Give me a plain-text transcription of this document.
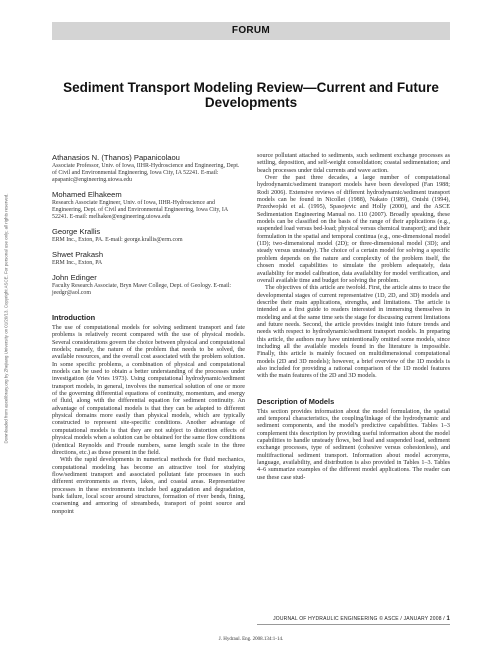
Downloaded from ascelibrary.org by Zhejiang University on 01/20/13. Copyright ASCE. For personal use only; all rights reserved.
FORUM
Sediment Transport Modeling Review—Current and Future Developments
Athanasios N. (Thanos) Papanicolaou
Associate Professor, Univ. of Iowa, IIHR-Hydroscience and Engineering, Dept. of Civil and Environmental Engineering, Iowa City, IA 52241. E-mail: apapanic@engineering.uiowa.edu
Mohamed Elhakeem
Research Associate Engineer, Univ. of Iowa, IIHR-Hydroscience and Engineering, Dept. of Civil and Environmental Engineering, Iowa City, IA 52241. E-mail: melhakee@engineering.uiowa.edu
George Krallis
ERM Inc., Exton, PA. E-mail: george.krallis@erm.com
Shwet Prakash
ERM Inc., Exton, PA
John Edinger
Faculty Research Associate, Bryn Mawr College, Dept. of Geology. E-mail: jeedgr@aol.com
Introduction

The use of computational models for solving sediment transport and fate problems is relatively recent compared with the use of physical models. Several considerations govern the choice between physical and computational models; namely, the nature of the problem that needs to be solved, the available resources, and the overall cost associated with the problem solution. In some specific problems, a combination of physical and computational models can be used to obtain a better understanding of the processes under investigation (de Vries 1973). Using computational hydrodynamic/sediment transport models, in general, involves the numerical solution of one or more of the governing differential equations of continuity, momentum, and energy of fluid, along with the differential equation for sediment continuity. An advantage of computational models is that they can be adapted to different physical domains more easily than physical models, which are typically constructed to represent site-specific conditions. Another advantage of computational models is that they are not subject to distortion effects of physical models when a solution can be obtained for the same flow conditions (identical Reynolds and Froude numbers, same length scale in the three directions, etc.) as those present in the field.

With the rapid developments in numerical methods for fluid mechanics, computational modeling has become an attractive tool for studying flow/sediment transport and associated pollutant fate processes in such different environments as rivers, lakes, and coastal areas. Representative processes in these environments include bed aggradation and degradation, bank failure, local scour around structures, formation of river bends, fining, coarsening and armoring of streambeds, transport of point source and nonpoint

source pollutant attached to sediments, such sediment exchange processes as settling, deposition, and self-weight consolidation; coastal sedimentation; and beach processes under tidal currents and wave action.

Over the past three decades, a large number of computational hydrodynamic/sediment transport models have been developed (Fan 1988; Rodi 2006). Extensive reviews of different hydrodynamic/sediment transport models can be found in Nicollet (1988), Nakato (1989), Onishi (1994), Przedwojski et al. (1995), Spasojevic and Holly (2000), and the ASCE Sedimentation Engineering Manual no. 110 (2007). Broadly speaking, these models can be classified on the basis of the range of their applications (e.g., suspended load versus bed-load; physical versus chemical transport); and their formulation in the spatial and temporal continua (e.g., one-dimensional model (1D); two-dimensional model (2D); or three-dimensional model (3D); and steady versus unsteady). The choice of a certain model for solving a specific problem depends on the nature and complexity of the problem itself, the chosen model capabilities to simulate the problem adequately, data availability for model calibration, data availability for model verification, and overall available time and budget for solving the problem.

The objectives of this article are twofold. First, the article aims to trace the developmental stages of current representative (1D, 2D, and 3D) models and describe their main applications, strengths, and limitations. The article is intended as a first guide to readers interested in immersing themselves in modeling and at the same time sets the stage for discussing current limitations and future needs. Second, the article provides insight into future trends and needs with respect to hydrodynamic/sediment transport models. In preparing this article, the authors may have unintentionally omitted some models, since including all the available models found in the literature is impossible. Finally, this article is mainly focused on multidimensional computational models (2D and 3D models); however, a brief overview of the 1D models is also included for providing a rational comparison of the 1D model features with the main features of the 2D and 3D models.

Description of Models

This section provides information about the model formulation, the spatial and temporal characteristics, the coupling/linkage of the hydrodynamic and sediment components, and the model's predictive capabilities. Tables 1–3 complement this description by providing useful information about the model capabilities to handle unsteady flows, bed load and suspended load, sediment exchange processes, type of sediment (cohesive versus cohesionless), and multifractional sediment transport. Information about model acronyms, language, availability, and distribution is also provided in Tables 1–3. Tables 4–6 summarize examples of the different model applications. The reader can use these case stud-

JOURNAL OF HYDRAULIC ENGINEERING © ASCE / JANUARY 2008 / 1
J. Hydraul. Eng. 2008.134:1-14.
